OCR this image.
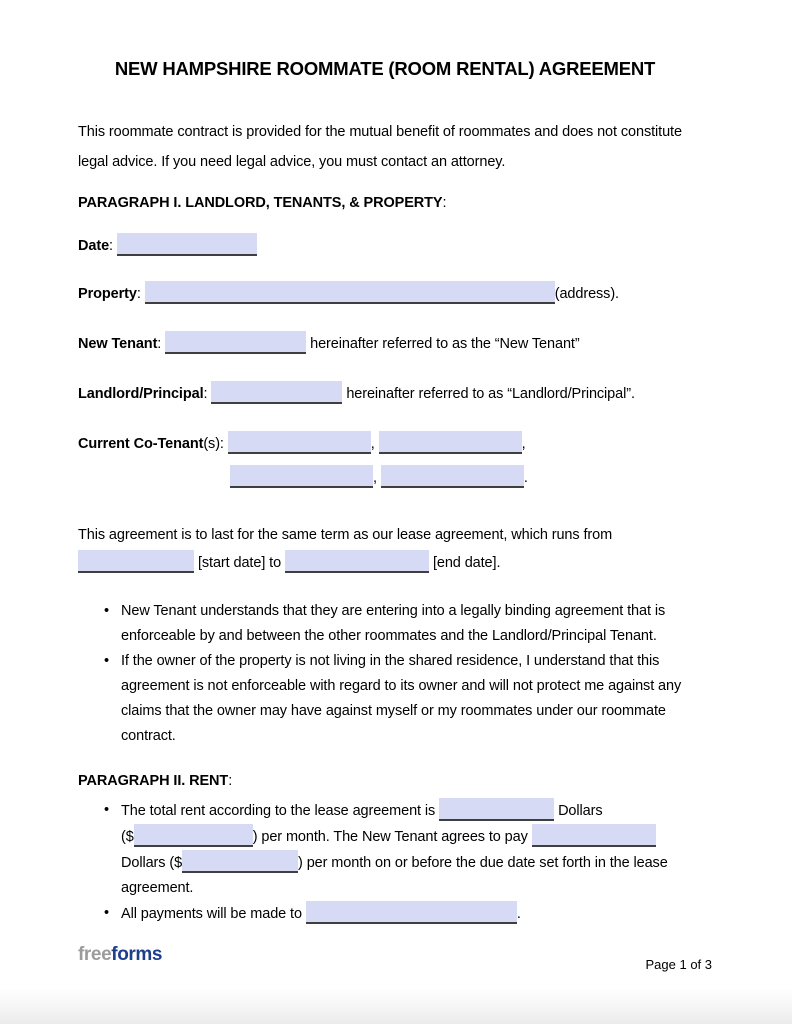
NEW HAMPSHIRE ROOMMATE (ROOM RENTAL) AGREEMENT

This roommate contract is provided for the mutual benefit of roommates and does not constitute
legal advice. If you need legal advice, you must contact an attorney.

PARAGRAPH I. LANDLORD, TENANTS, & PROPERTY:
Date:
Property:	(address).
New Tenant:	hereinafter referred to as the “New Tenant”
Landlord/Principal:	hereinafter referred to as “Landlord/Principal”.
Current Co-Tenant(s):	,	,
,	.

This agreement is to last for the same term as our lease agreement, which runs from
[start date] to	[end date].

• New Tenant understands that they are entering into a legally binding agreement that is
enforceable by and between the other roommates and the Landlord/Principal Tenant.
• If the owner of the property is not living in the shared residence, I understand that this
agreement is not enforceable with regard to its owner and will not protect me against any
claims that the owner may have against myself or my roommates under our roommate
contract.
PARAGRAPH II. RENT:
• The total rent according to the lease agreement is	Dollars
($	) per month. The New Tenant agrees to pay
Dollars ($	) per month on or before the due date set forth in the lease
agreement.
• All payments will be made to	.
freeforms	Page 1 of 3
